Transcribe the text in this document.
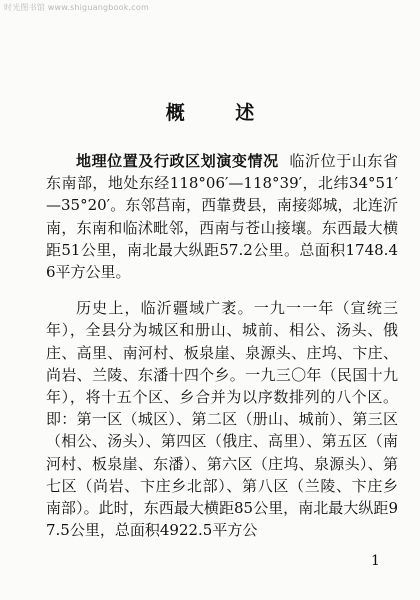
时光图书馆 www.shiguangbook.com
概 述

地理位置及行政区划演变情况 临沂位于山东省东南部，地处东经118°06′—118°39′，北纬34°51′—35°20′。东邻莒南，西靠费县，南接郯城，北连沂南，东南和临沭毗邻，西南与苍山接壤。东西最大横距51公里，南北最大纵距57.2公里。总面积1748.46平方公里。

历史上，临沂疆域广袤。一九一一年（宣统三年），全县分为城区和册山、城前、相公、汤头、俄庄、高里、南河村、板泉崖、泉源头、庄坞、卞庄、尚岩、兰陵、东潘十四个乡。一九三〇年（民国十九年），将十五个区、乡合并为以序数排列的八个区。即：第一区（城区）、第二区（册山、城前）、第三区（相公、汤头）、第四区（俄庄、高里）、第五区（南河村、板泉崖、东潘）、第六区（庄坞、泉源头）、第七区（尚岩、卞庄乡北部）、第八区（兰陵、卞庄乡南部）。此时，东西最大横距85公里，南北最大纵距97.5公里，总面积4922.5平方公

1
